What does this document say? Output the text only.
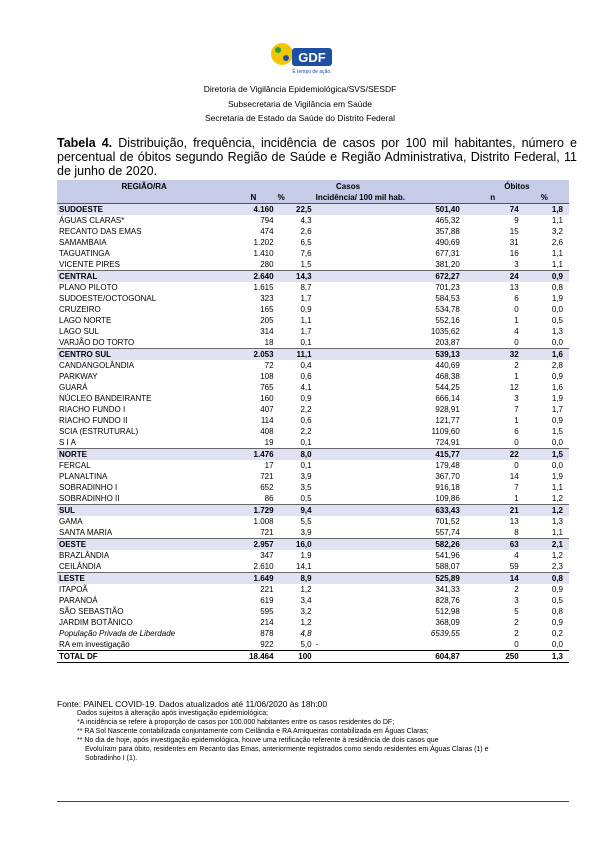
GDF
É tempo de ação.
Diretoria de Vigilância Epidemiológica/SVS/SESDF
Subsecretaria de Vigilância em Saúde
Secretaria de Estado da Saúde do Distrito Federal
Tabela 4. Distribuição, frequência, incidência de casos por 100 mil habitantes, número e percentual de óbitos segundo Região de Saúde e Região Administrativa, Distrito Federal, 11 de junho de 2020.
REGIÃO/RA	Casos			Óbitos	
	N	%	Incidência/ 100 mil hab.	n	%
SUDOESTE	4.160	22,5	501,40	74	1,8
ÁGUAS CLARAS*	794	4,3	465,32	9	1,1
RECANTO DAS EMAS	474	2,6	357,88	15	3,2
SAMAMBAIA	1.202	6,5	490,69	31	2,6
TAGUATINGA	1.410	7,6	677,31	16	1,1
VICENTE PIRES	280	1,5	381,20	3	1,1
CENTRAL	2.640	14,3	672,27	24	0,9
PLANO PILOTO	1.615	8,7	701,23	13	0,8
SUDOESTE/OCTOGONAL	323	1,7	584,53	6	1,9
CRUZEIRO	165	0,9	534,78	0	0,0
LAGO NORTE	205	1,1	552,16	1	0,5
LAGO SUL	314	1,7	1035,62	4	1,3
VARJÃO DO TORTO	18	0,1	203,87	0	0,0
CENTRO SUL	2.053	11,1	539,13	32	1,6
CANDANGOLÂNDIA	72	0,4	440,69	2	2,8
PARKWAY	108	0,6	468,38	1	0,9
GUARÁ	765	4,1	544,25	12	1,6
NÚCLEO BANDEIRANTE	160	0,9	666,14	3	1,9
RIACHO FUNDO I	407	2,2	928,91	7	1,7
RIACHO FUNDO II	114	0,6	121,77	1	0,9
SCIA (ESTRUTURAL)	408	2,2	1109,60	6	1,5
S I A	19	0,1	724,91	0	0,0
NORTE	1.476	8,0	415,77	22	1,5
FERCAL	17	0,1	179,48	0	0,0
PLANALTINA	721	3,9	367,70	14	1,9
SOBRADINHO I	652	3,5	916,18	7	1,1
SOBRADINHO II	86	0,5	109,86	1	1,2
SUL	1.729	9,4	633,43	21	1,2
GAMA	1.008	5,5	701,52	13	1,3
SANTA MARIA	721	3,9	557,74	8	1,1
OESTE	2.957	16,0	582,26	63	2,1
BRAZLÂNDIA	347	1,9	541,96	4	1,2
CEILÂNDIA	2.610	14,1	588,07	59	2,3
LESTE	1.649	8,9	525,89	14	0,8
ITAPOÃ	221	1,2	341,33	2	0,9
PARANOÁ	619	3,4	828,76	3	0,5
SÃO SEBASTIÃO	595	3,2	512,98	5	0,8
JARDIM BOTÂNICO	214	1,2	368,09	2	0,9
População Privada de Liberdade	878	4,8	6539,55	2	0,2
RA em investigação	922	5,0	-	0	0,0
TOTAL DF	18.464	100	604,87	250	1,3
Fonte: PAINEL COVID-19. Dados atualizados até 11/06/2020 às 18h:00
Dados sujeitos à alteração após investigação epidemiológica;
*A incidência se refere à proporção de casos por 100.000 habitantes entre os casos residentes do DF;
** RA Sol Nascente contabilizada conjuntamente com Ceilândia e RA Arniqueiras contabilizada em Águas Claras;
** No dia de hoje, após investigação epidemiológica, houve uma retificação referente à residência de dois casos que
Evoluíram para óbito, residentes em Recanto das Emas, anteriormente registrados como sendo residentes em Águas Claras (1) e
Sobradinho I (1).
